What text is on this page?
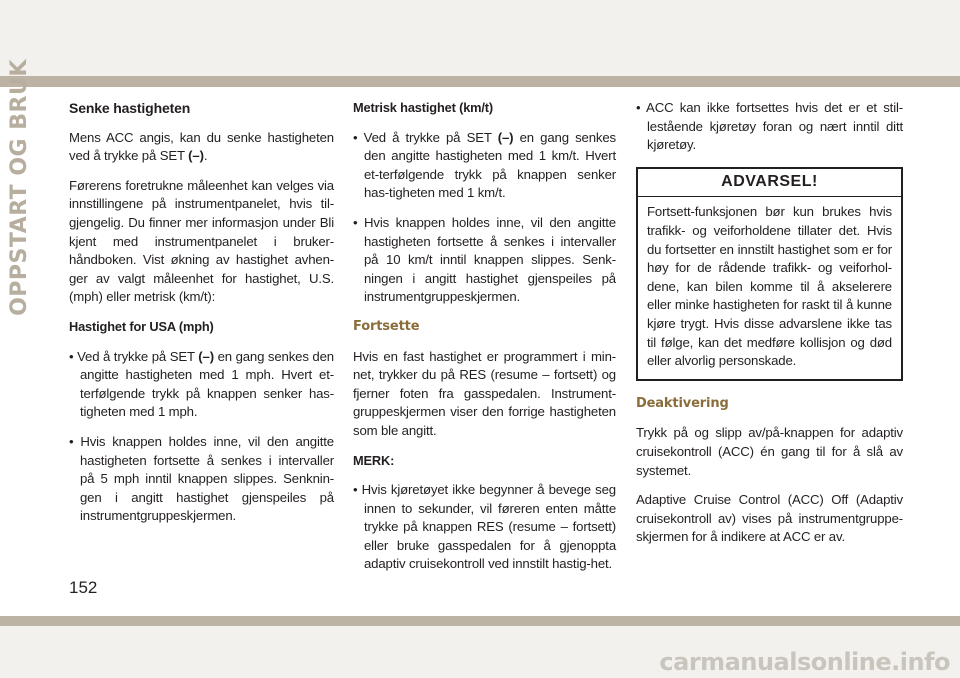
OPPSTART OG BRUK	Senke hastigheten

Mens ACC angis, kan du senke hastigheten ved å trykke på SET (–).

Førerens foretrukne måleenhet kan velges via innstillingene på instrumentpanelet, hvis til-gjengelig. Du finner mer informasjon under Bli kjent med instrumentpanelet i bruker-håndboken. Vist økning av hastighet avhen-ger av valgt måleenhet for hastighet, U.S. (mph) eller metrisk (km/t):

Hastighet for USA (mph)

• Ved å trykke på SET (–) en gang senkes den angitte hastigheten med 1 mph. Hvert et-terfølgende trykk på knappen senker has-tigheten med 1 mph.

• Hvis knappen holdes inne, vil den angitte hastigheten fortsette å senkes i intervaller på 5 mph inntil knappen slippes. Senknin-gen i angitt hastighet gjenspeiles på instrumentgruppeskjermen.

Metrisk hastighet (km/t)

• Ved å trykke på SET (–) en gang senkes den angitte hastigheten med 1 km/t. Hvert et-terfølgende trykk på knappen senker has-tigheten med 1 km/t.

• Hvis knappen holdes inne, vil den angitte hastigheten fortsette å senkes i intervaller på 10 km/t inntil knappen slippes. Senk-ningen i angitt hastighet gjenspeiles på instrumentgruppeskjermen.

Fortsette

Hvis en fast hastighet er programmert i min-net, trykker du på RES (resume – fortsett) og fjerner foten fra gasspedalen. Instrument-gruppeskjermen viser den forrige hastigheten som ble angitt.

MERK:

• Hvis kjøretøyet ikke begynner å bevege seg innen to sekunder, vil føreren enten måtte trykke på knappen RES (resume – fortsett) eller bruke gasspedalen for å gjenoppta adaptiv cruisekontroll ved innstilt hastig-het.

• ACC kan ikke fortsettes hvis det er et stil-lestående kjøretøy foran og nært inntil ditt kjøretøy.

ADVARSEL!
Fortsett-funksjonen bør kun brukes hvis trafikk- og veiforholdene tillater det. Hvis du fortsetter en innstilt hastighet som er for høy for de rådende trafikk- og veiforhol-dene, kan bilen komme til å akselerere eller minke hastigheten for raskt til å kunne kjøre trygt. Hvis disse advarslene ikke tas til følge, kan det medføre kollisjon og død eller alvorlig personskade.

Deaktivering

Trykk på og slipp av/på-knappen for adaptiv cruisekontroll (ACC) én gang til for å slå av systemet.

Adaptive Cruise Control (ACC) Off (Adaptiv cruisekontroll av) vises på instrumentgruppe-skjermen for å indikere at ACC er av.

152
carmanualsonline.info
